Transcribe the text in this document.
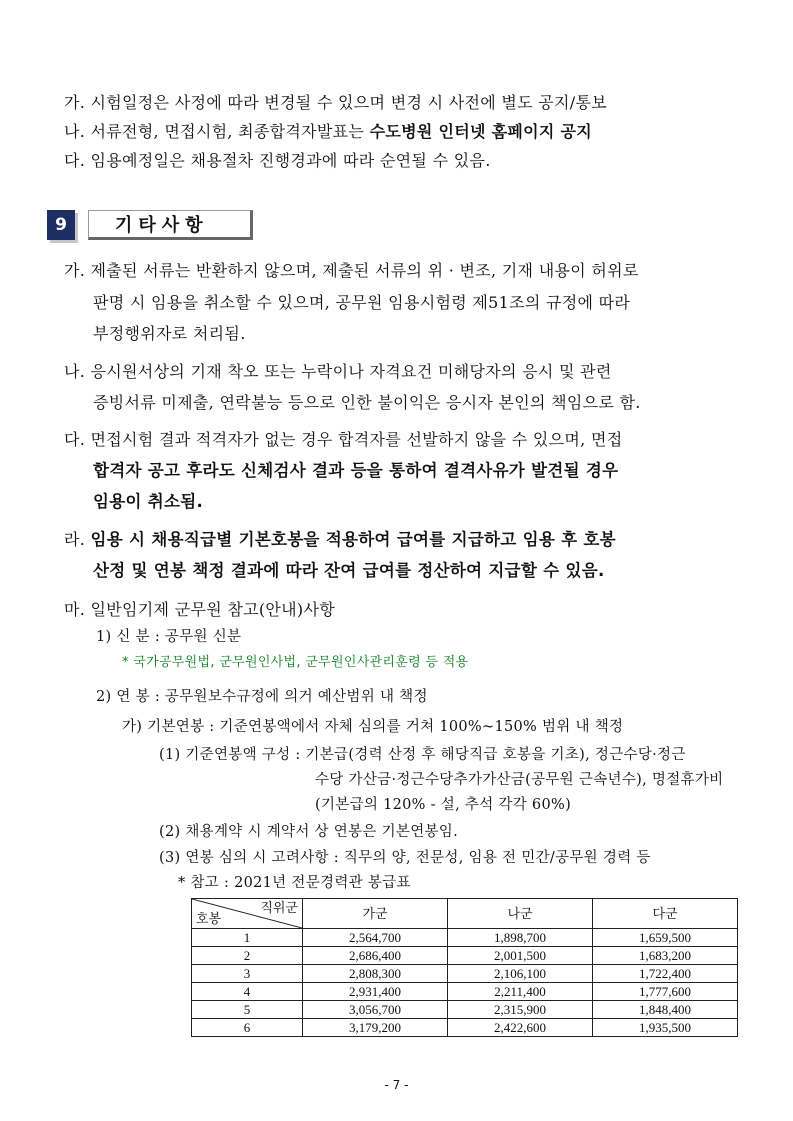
가. 시험일정은 사정에 따라 변경될 수 있으며 변경 시 사전에 별도 공지/통보
나. 서류전형, 면접시험, 최종합격자발표는 수도병원 인터넷 홈페이지 공지
다. 임용예정일은 채용절차 진행경과에 따라 순연될 수 있음.
9	기타사항
가. 제출된 서류는 반환하지 않으며, 제출된 서류의 위 · 변조, 기재 내용이 허위로
판명 시 임용을 취소할 수 있으며, 공무원 임용시험령 제51조의 규정에 따라
부정행위자로 처리됨.
나. 응시원서상의 기재 착오 또는 누락이나 자격요건 미해당자의 응시 및 관련
증빙서류 미제출, 연락불능 등으로 인한 불이익은 응시자 본인의 책임으로 함.
다. 면접시험 결과 적격자가 없는 경우 합격자를 선발하지 않을 수 있으며, 면접
합격자 공고 후라도 신체검사 결과 등을 통하여 결격사유가 발견될 경우
임용이 취소됨.
라. 임용 시 채용직급별 기본호봉을 적용하여 급여를 지급하고 임용 후 호봉
산정 및 연봉 책정 결과에 따라 잔여 급여를 정산하여 지급할 수 있음.
마. 일반임기제 군무원 참고(안내)사항
1) 신 분 : 공무원 신분
* 국가공무원법, 군무원인사법, 군무원인사관리훈령 등 적용
2) 연 봉 : 공무원보수규정에 의거 예산범위 내 책정
가) 기본연봉 : 기준연봉액에서 자체 심의를 거쳐 100%~150% 범위 내 책정
(1) 기준연봉액 구성 : 기본급(경력 산정 후 해당직급 호봉을 기초), 정근수당·정근
수당 가산금·정근수당추가가산금(공무원 근속년수), 명절휴가비
(기본급의 120% - 설, 추석 각각 60%)
(2) 채용계약 시 계약서 상 연봉은 기본연봉임.
(3) 연봉 심의 시 고려사항 : 직무의 양, 전문성, 임용 전 민간/공무원 경력 등
* 참고 : 2021년 전문경력관 봉급표
직위군
호봉	가군	나군	다군
1	2,564,700	1,898,700	1,659,500
2	2,686,400	2,001,500	1,683,200
3	2,808,300	2,106,100	1,722,400
4	2,931,400	2,211,400	1,777,600
5	3,056,700	2,315,900	1,848,400
6	3,179,200	2,422,600	1,935,500
- 7 -
